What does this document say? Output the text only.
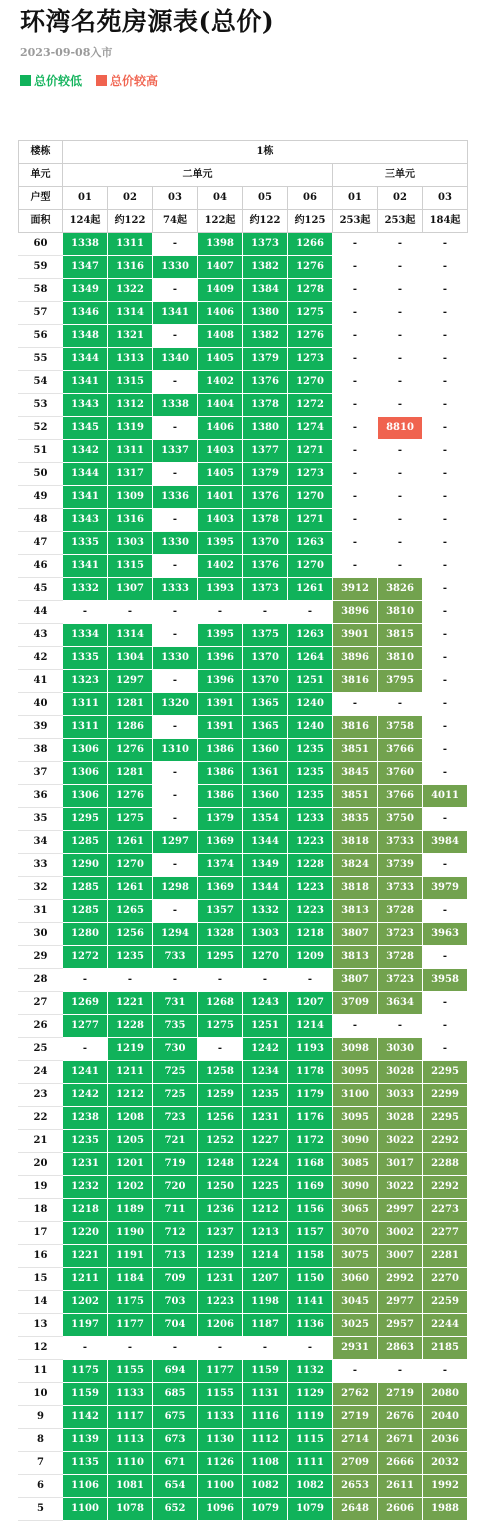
环湾名苑房源表(总价)
2023-09-08入市
总价较低 总价较高
楼栋	1栋								
单元	二单元						三单元		
户型	01	02	03	04	05	06	01	02	03
面积	124起	约122	74起	122起	约122	约125	253起	253起	184起
60	1338	1311	-	1398	1373	1266	-	-	-
59	1347	1316	1330	1407	1382	1276	-	-	-
58	1349	1322	-	1409	1384	1278	-	-	-
57	1346	1314	1341	1406	1380	1275	-	-	-
56	1348	1321	-	1408	1382	1276	-	-	-
55	1344	1313	1340	1405	1379	1273	-	-	-
54	1341	1315	-	1402	1376	1270	-	-	-
53	1343	1312	1338	1404	1378	1272	-	-	-
52	1345	1319	-	1406	1380	1274	-	8810	-
51	1342	1311	1337	1403	1377	1271	-	-	-
50	1344	1317	-	1405	1379	1273	-	-	-
49	1341	1309	1336	1401	1376	1270	-	-	-
48	1343	1316	-	1403	1378	1271	-	-	-
47	1335	1303	1330	1395	1370	1263	-	-	-
46	1341	1315	-	1402	1376	1270	-	-	-
45	1332	1307	1333	1393	1373	1261	3912	3826	-
44	-	-	-	-	-	-	3896	3810	-
43	1334	1314	-	1395	1375	1263	3901	3815	-
42	1335	1304	1330	1396	1370	1264	3896	3810	-
41	1323	1297	-	1396	1370	1251	3816	3795	-
40	1311	1281	1320	1391	1365	1240	-	-	-
39	1311	1286	-	1391	1365	1240	3816	3758	-
38	1306	1276	1310	1386	1360	1235	3851	3766	-
37	1306	1281	-	1386	1361	1235	3845	3760	-
36	1306	1276	-	1386	1360	1235	3851	3766	4011
35	1295	1275	-	1379	1354	1233	3835	3750	-
34	1285	1261	1297	1369	1344	1223	3818	3733	3984
33	1290	1270	-	1374	1349	1228	3824	3739	-
32	1285	1261	1298	1369	1344	1223	3818	3733	3979
31	1285	1265	-	1357	1332	1223	3813	3728	-
30	1280	1256	1294	1328	1303	1218	3807	3723	3963
29	1272	1235	733	1295	1270	1209	3813	3728	-
28	-	-	-	-	-	-	3807	3723	3958
27	1269	1221	731	1268	1243	1207	3709	3634	-
26	1277	1228	735	1275	1251	1214	-	-	-
25	-	1219	730	-	1242	1193	3098	3030	-
24	1241	1211	725	1258	1234	1178	3095	3028	2295
23	1242	1212	725	1259	1235	1179	3100	3033	2299
22	1238	1208	723	1256	1231	1176	3095	3028	2295
21	1235	1205	721	1252	1227	1172	3090	3022	2292
20	1231	1201	719	1248	1224	1168	3085	3017	2288
19	1232	1202	720	1250	1225	1169	3090	3022	2292
18	1218	1189	711	1236	1212	1156	3065	2997	2273
17	1220	1190	712	1237	1213	1157	3070	3002	2277
16	1221	1191	713	1239	1214	1158	3075	3007	2281
15	1211	1184	709	1231	1207	1150	3060	2992	2270
14	1202	1175	703	1223	1198	1141	3045	2977	2259
13	1197	1177	704	1206	1187	1136	3025	2957	2244
12	-	-	-	-	-	-	2931	2863	2185
11	1175	1155	694	1177	1159	1132	-	-	-
10	1159	1133	685	1155	1131	1129	2762	2719	2080
9	1142	1117	675	1133	1116	1119	2719	2676	2040
8	1139	1113	673	1130	1112	1115	2714	2671	2036
7	1135	1110	671	1126	1108	1111	2709	2666	2032
6	1106	1081	654	1100	1082	1082	2653	2611	1992
5	1100	1078	652	1096	1079	1079	2648	2606	1988
